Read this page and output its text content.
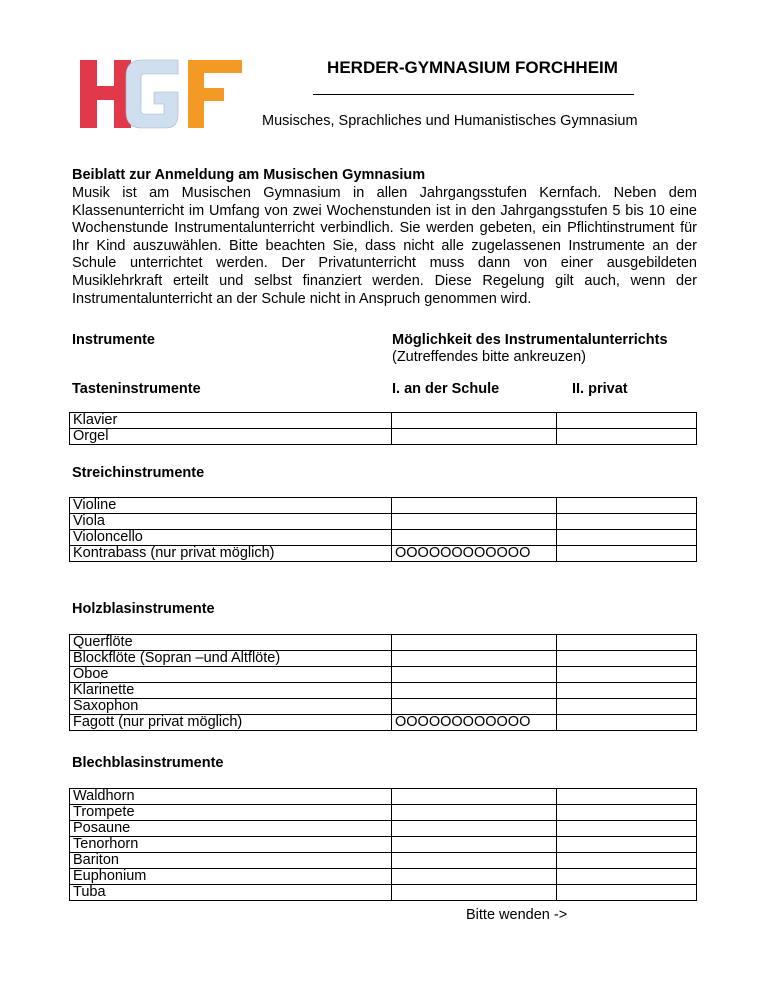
HGF	HERDER-GYMNASIUM FORCHHEIM
Musisches, Sprachliches und Humanistisches Gymnasium
Beiblatt zur Anmeldung am Musischen Gymnasium
Musik ist am Musischen Gymnasium in allen Jahrgangsstufen Kernfach. Neben dem Klassenunterricht im Umfang von zwei Wochenstunden ist in den Jahrgangsstufen 5 bis 10 eine Wochenstunde Instrumentalunterricht verbindlich. Sie werden gebeten, ein Pflichtinstrument für Ihr Kind auszuwählen. Bitte beachten Sie, dass nicht alle zugelassenen Instrumente an der Schule unterrichtet werden. Der Privatunterricht muss dann von einer ausgebildeten Musiklehrkraft erteilt und selbst finanziert werden. Diese Regelung gilt auch, wenn der Instrumentalunterricht an der Schule nicht in Anspruch genommen wird.
Instrumente	Möglichkeit des Instrumentalunterrichts
(Zutreffendes bitte ankreuzen)
Tasteninstrumente	I. an der Schule	II. privat
Klavier		
Orgel		
Streichinstrumente
Violine		
Viola		
Violoncello		
Kontrabass (nur privat möglich)	OOOOOOOOOOOO	
Holzblasinstrumente
Querflöte		
Blockflöte (Sopran –und Altflöte)		
Oboe		
Klarinette		
Saxophon		
Fagott (nur privat möglich)	OOOOOOOOOOOO	
Blechblasinstrumente
Waldhorn		
Trompete		
Posaune		
Tenorhorn		
Bariton		
Euphonium		
Tuba		
Bitte wenden ->
